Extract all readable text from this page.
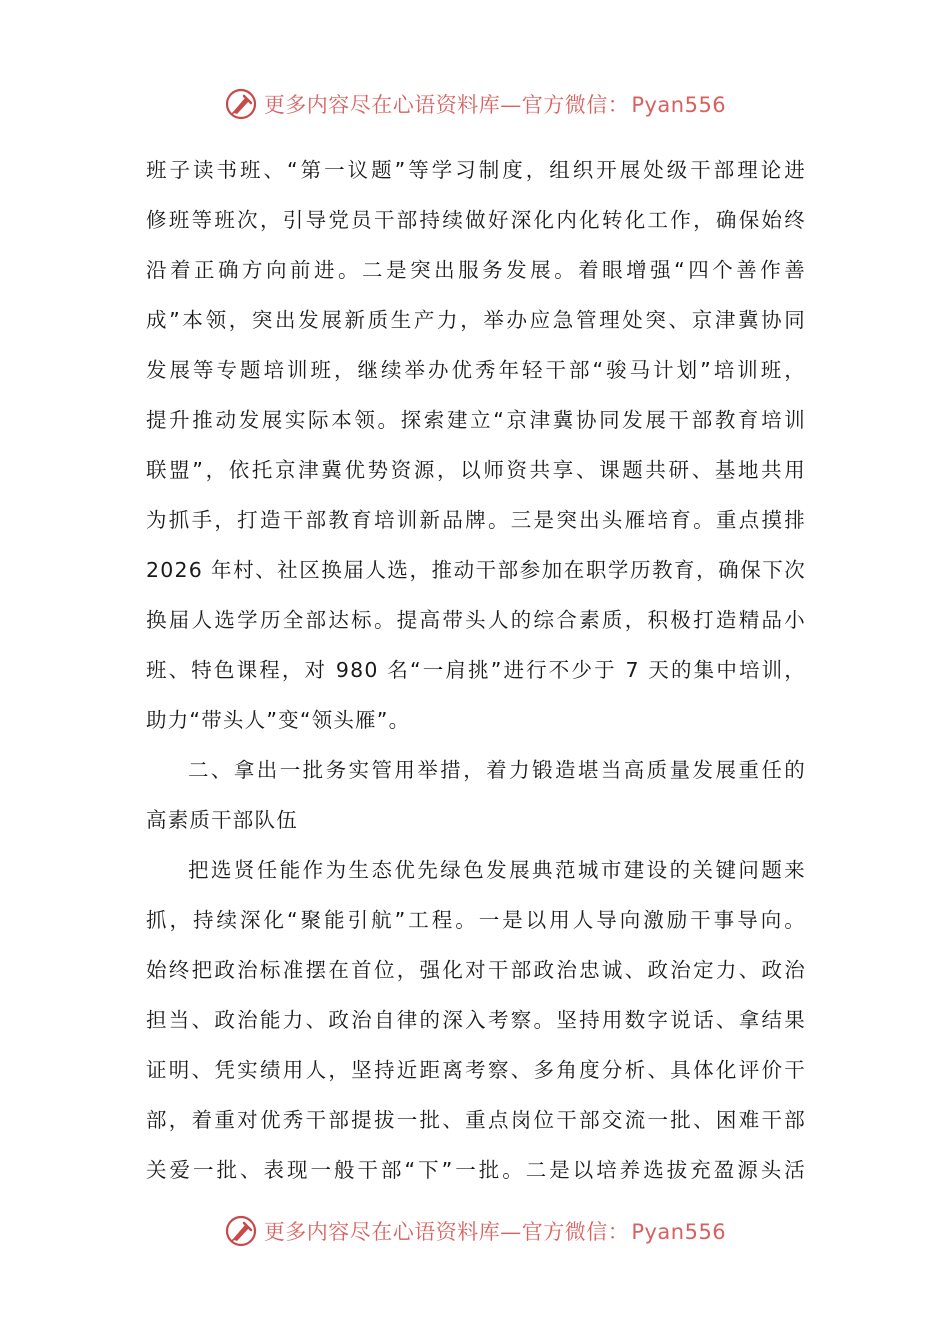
更多内容尽在心语资料库—官方微信：Pyan556
班子读书班、“第一议题”等学习制度，组织开展处级干部理论进
修班等班次，引导党员干部持续做好深化内化转化工作，确保始终
沿着正确方向前进。二是突出服务发展。着眼增强“四个善作善
成”本领，突出发展新质生产力，举办应急管理处突、京津冀协同
发展等专题培训班，继续举办优秀年轻干部“骏马计划”培训班，
提升推动发展实际本领。探索建立“京津冀协同发展干部教育培训
联盟”，依托京津冀优势资源，以师资共享、课题共研、基地共用
为抓手，打造干部教育培训新品牌。三是突出头雁培育。重点摸排
2026 年村、社区换届人选，推动干部参加在职学历教育，确保下次
换届人选学历全部达标。提高带头人的综合素质，积极打造精品小
班、特色课程，对 980 名“一肩挑”进行不少于 7 天的集中培训，
助力“带头人”变“领头雁”。
二、拿出一批务实管用举措，着力锻造堪当高质量发展重任的
高素质干部队伍
把选贤任能作为生态优先绿色发展典范城市建设的关键问题来
抓，持续深化“聚能引航”工程。一是以用人导向激励干事导向。
始终把政治标准摆在首位，强化对干部政治忠诚、政治定力、政治
担当、政治能力、政治自律的深入考察。坚持用数字说话、拿结果
证明、凭实绩用人，坚持近距离考察、多角度分析、具体化评价干
部，着重对优秀干部提拔一批、重点岗位干部交流一批、困难干部
关爱一批、表现一般干部“下”一批。二是以培养选拔充盈源头活
更多内容尽在心语资料库—官方微信：Pyan556
